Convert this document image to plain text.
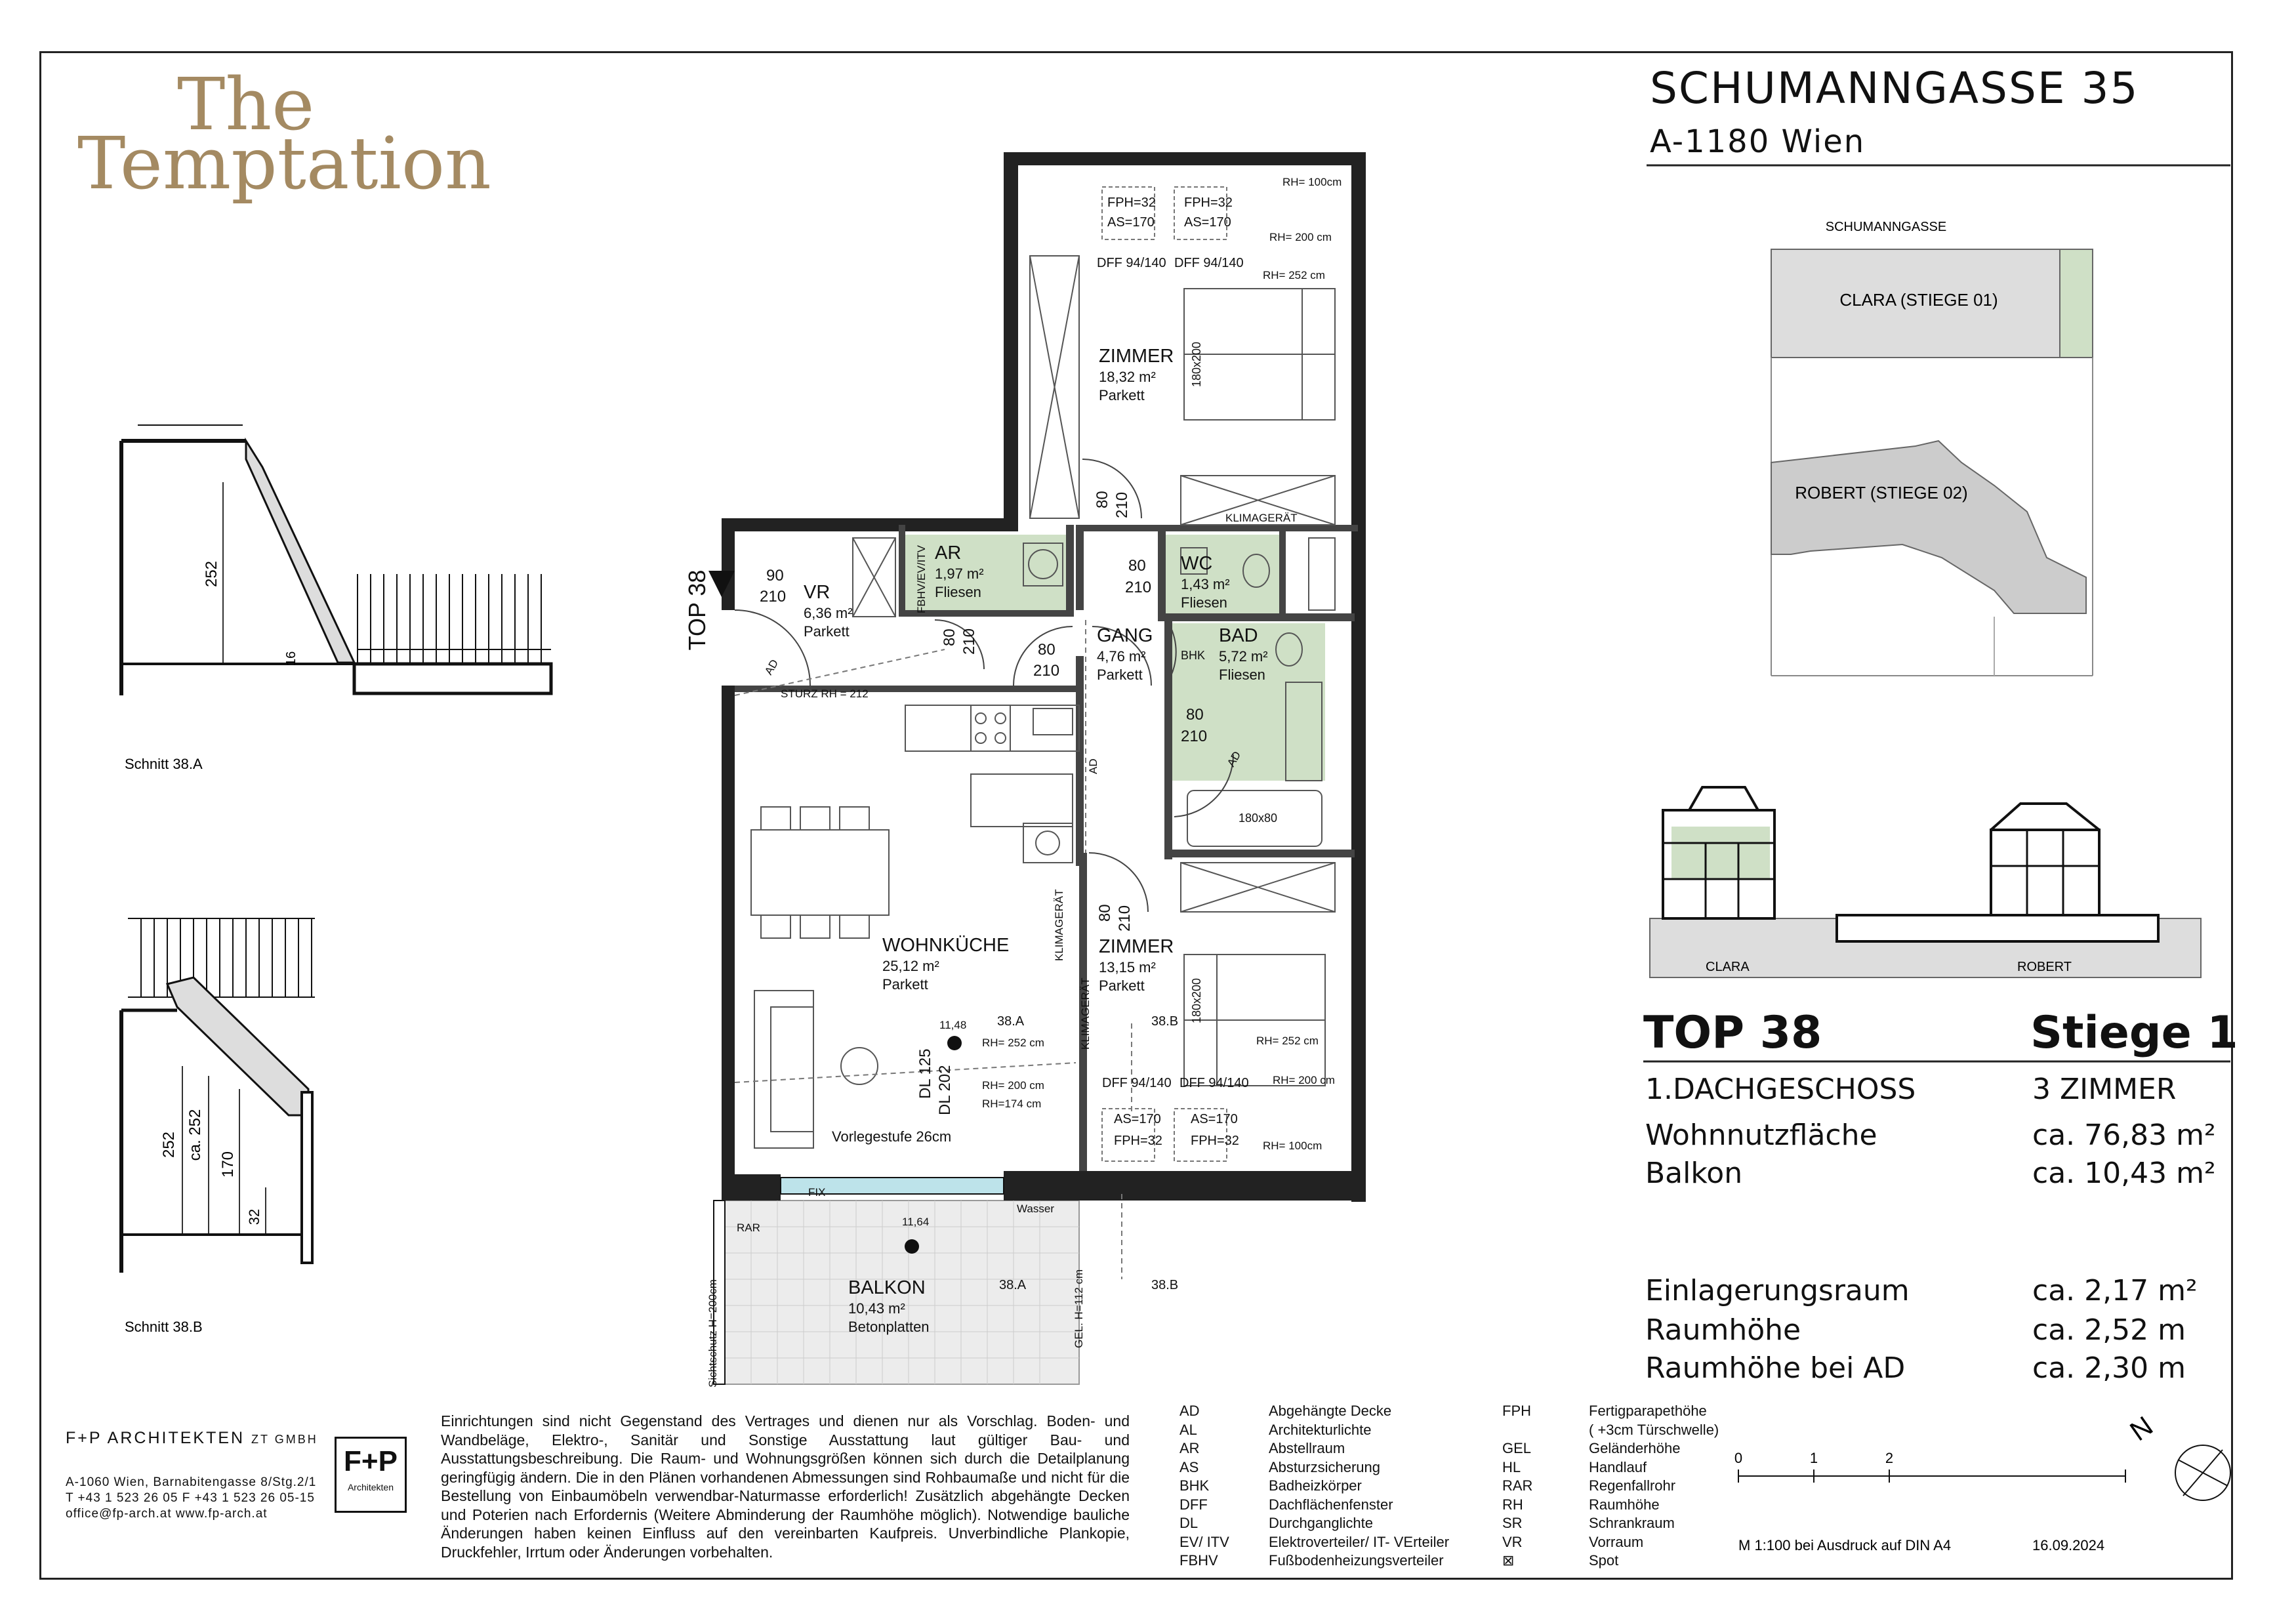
The
Temptation
SCHUMANNGASSE 35
A-1180 Wien
SCHUMANNGASSE
CLARA (STIEGE 01)
ROBERT (STIEGE 02)
CLARA	ROBERT
252
16
Schnitt 38.A
252 ca. 252
170
32
Schnitt 38.B
TOP 38
ZIMMER
18,32 m²
Parkett
AR
1,97 m²
Fliesen
VR
6,36 m²
Parkett
WC
1,43 m²
Fliesen
GANG
4,76 m²
Parkett
BAD
5,72 m²
Fliesen
WOHNKÜCHE
25,12 m²
Parkett
ZIMMER
13,15 m²
Parkett
BALKON
10,43 m²
Betonplatten
FPH=32
AS=170
FPH=32
AS=170
DFF 94/140 DFF 94/140
RH= 100cm
RH= 200 cm
RH= 252 cm
DFF 94/140 DFF 94/140
AS=170
FPH=32
AS=170
FPH=32
RH= 252 cm
RH= 200 cm
RH= 100cm
90
210
80 210
80
210
80 210	80
210
80
210
80 210
180x200
180x200
180x80
BHK
FBHV/EV/ITV
KLIMAGERÄT
KLIMAGERÄT
KLIMAGERÄT
STURZ RH = 212
AD
AD	AD
DL 125 DL 202
Vorlegestufe 26cm
11,48
11,64
38.A
38.A
38.B
38.B
RH= 252 cm
RH= 200 cm
RH=174 cm
RAR
FIX
Wasser
Sichtschutz H=200cm	GEL. H=112 cm
0	1	2
M 1:100 bei Ausdruck auf DIN A4	16.09.2024
N
TOP 38	Stiege 1
1.DACHGESCHOSS	3 ZIMMER
Wohnnutzfläche	ca. 76,83 m²
Balkon	ca. 10,43 m²
Einlagerungsraum	ca. 2,17 m²
Raumhöhe	ca. 2,52 m
Raumhöhe bei AD	ca. 2,30 m
F+P ARCHITEKTEN ZT GMBH
A-1060 Wien, Barnabitengasse 8/Stg.2/1
T +43 1 523 26 05 F +43 1 523 26 05-15
office@fp-arch.at www.fp-arch.at
F+P
Architekten
Einrichtungen sind nicht Gegenstand des Vertrages und dienen nur als Vorschlag. Boden- und Wandbeläge, Elektro-, Sanitär und Sonstige Ausstattung laut gültiger Bau- und Ausstattungsbeschreibung. Die Raum- und Wohnungsgrößen können sich durch die Detailplanung geringfügig ändern. Die in den Plänen vorhandenen Abmessungen sind Rohbaumaße und nicht für die Bestellung von Einbaumöbeln verwendbar-Naturmasse erforderlich! Zusätzlich abgehängte Decken und Poterien nach Erfordernis (Weitere Abminderung der Raumhöhe möglich). Notwendige bauliche Änderungen haben keinen Einfluss auf den vereinbarten Kaufpreis. Unverbindliche Plankopie, Druckfehler, Irrtum oder Änderungen vorbehalten.
AD	Abgehängte Decke
AL	Architekturlichte
AR	Abstellraum
AS	Absturzsicherung
BHK	Badheizkörper
DFF	Dachflächenfenster
DL	Durchganglichte
EV/ ITV	Elektroverteiler/ IT- VErteiler
FBHV	Fußbodenheizungsverteiler
FPH	Fertigparapethöhe
( +3cm Türschwelle)
GEL	Geländerhöhe
HL	Handlauf
RAR	Regenfallrohr
RH	Raumhöhe
SR	Schrankraum
VR	Vorraum
⊠	Spot
